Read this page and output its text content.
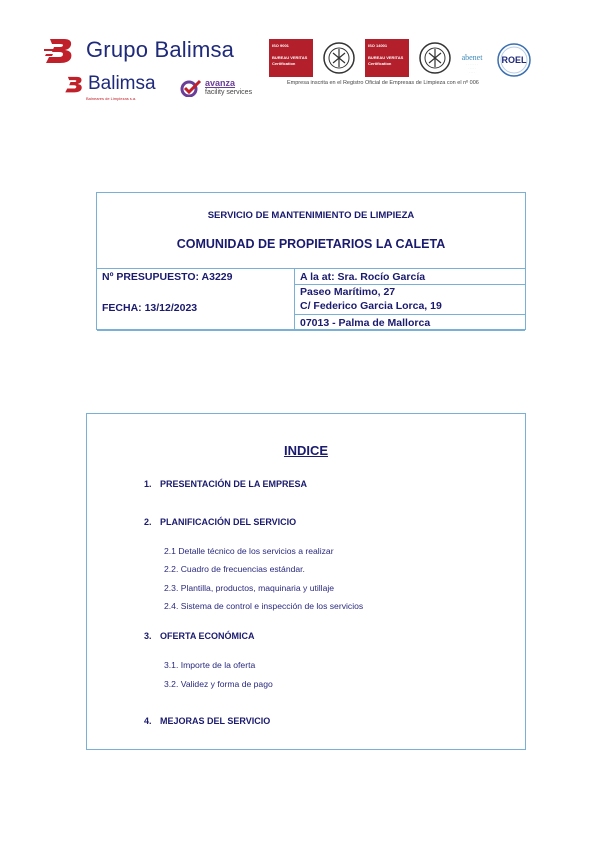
Grupo Balimsa
Balimsa
Balneares de Limpiezas s.a.
avanza
facility services
ISO 9001
BUREAU VERITAS
Certification
ISO 14001
BUREAU VERITAS
Certification
abenet
· · · · · · ·
· · · · ·
· · · ·
ROEL
Empresa inscrita en el Registro Oficial de Empresas de Limpieza con el nº 006
SERVICIO DE MANTENIMIENTO DE LIMPIEZA
COMUNIDAD DE PROPIETARIOS LA CALETA
Nº PRESUPUESTO: A3229	A la at: Sra. Rocío García
FECHA: 13/12/2023
Paseo Marítimo, 27
C/ Federico Garcia Lorca, 19
07013 - Palma de Mallorca
INDICE
1. PRESENTACIÓN DE LA EMPRESA
2. PLANIFICACIÓN DEL SERVICIO
2.1 Detalle técnico de los servicios a realizar
2.2. Cuadro de frecuencias estándar.
2.3. Plantilla, productos, maquinaria y utillaje
2.4. Sistema de control e inspección de los servicios
3. OFERTA ECONÓMICA
3.1. Importe de la oferta
3.2. Validez y forma de pago
4. MEJORAS DEL SERVICIO
